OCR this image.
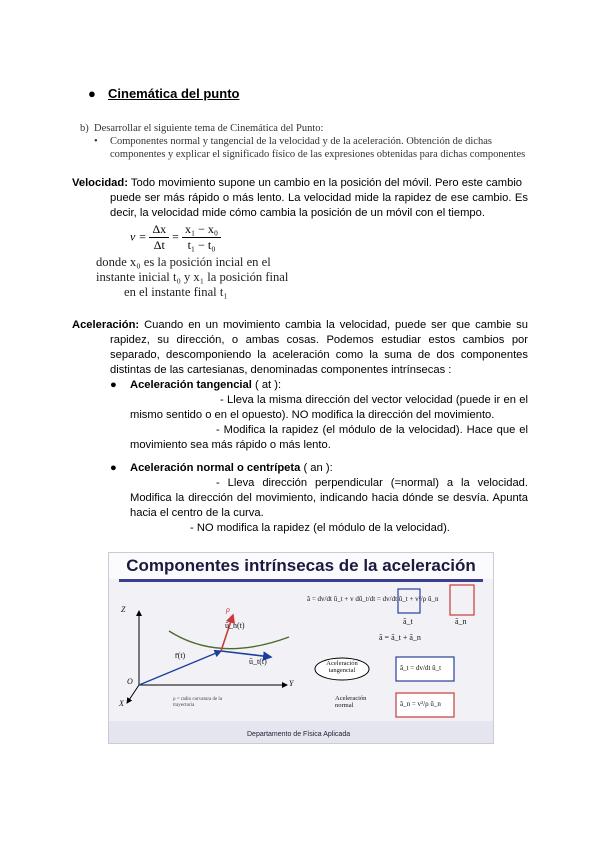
● Cinemática del punto
b) Desarrollar el siguiente tema de Cinemática del Punto:
• Componentes normal y tangencial de la velocidad y de la aceleración. Obtención de dichas
componentes y explicar el significado físico de las expresiones obtenidas para dichas componentes
Velocidad: Todo movimiento supone un cambio en la posición del móvil. Pero este cambio
puede ser más rápido o más lento. La velocidad mide la rapidez de ese cambio. Es decir, la velocidad mide cómo cambia la posición de un móvil con el tiempo.
$v = \frac{\Delta x}{\Delta t} = \frac{\text{x₁ − x₀}}{\text{t₁ − t₀}}$
donde x₀ es la posición incial en el
instante inicial t₀ y x₁ la posición final
en el instante final t₁
Aceleración: Cuando en un movimiento cambia la velocidad, puede ser que cambie su rapidez, su dirección, o ambas cosas. Podemos estudiar estos cambios por separado, descomponiendo la aceleración como la suma de dos componentes distintas de las cartesianas, denominadas componentes intrínsecas :
● Aceleración tangencial ( at ):
- Lleva la misma dirección del vector velocidad (puede ir en el mismo sentido o en el opuesto). NO modifica la dirección del movimiento.
- Modifica la rapidez (el módulo de la velocidad). Hace que el movimiento sea más rápido o más lento.
● Aceleración normal o centrípeta ( an ):
- Lleva dirección perpendicular (=normal) a la velocidad. Modifica la dirección del movimiento, indicando hacia dónde se desvía. Apunta hacia el centro de la curva.
- NO modifica la rapidez (el módulo de la velocidad).
Componentes intrínsecas de la aceleración
Z
Y
X
O
ρ
ū_n(t)
ū_t(t)
r̄(t)
ρ = radio curvatura de la
trayectoria
ā = dv/dt ū_t + v dū_t/dt = dv/dt ū_t + v²/ρ ū_n
ā_t	ā_n
ā = ā_t + ā_n
Aceleración
tangencial	ā_t = dv/dt ū_t
Aceleración
normal	ā_n = v²/ρ ū_n
Departamento de Física Aplicada
